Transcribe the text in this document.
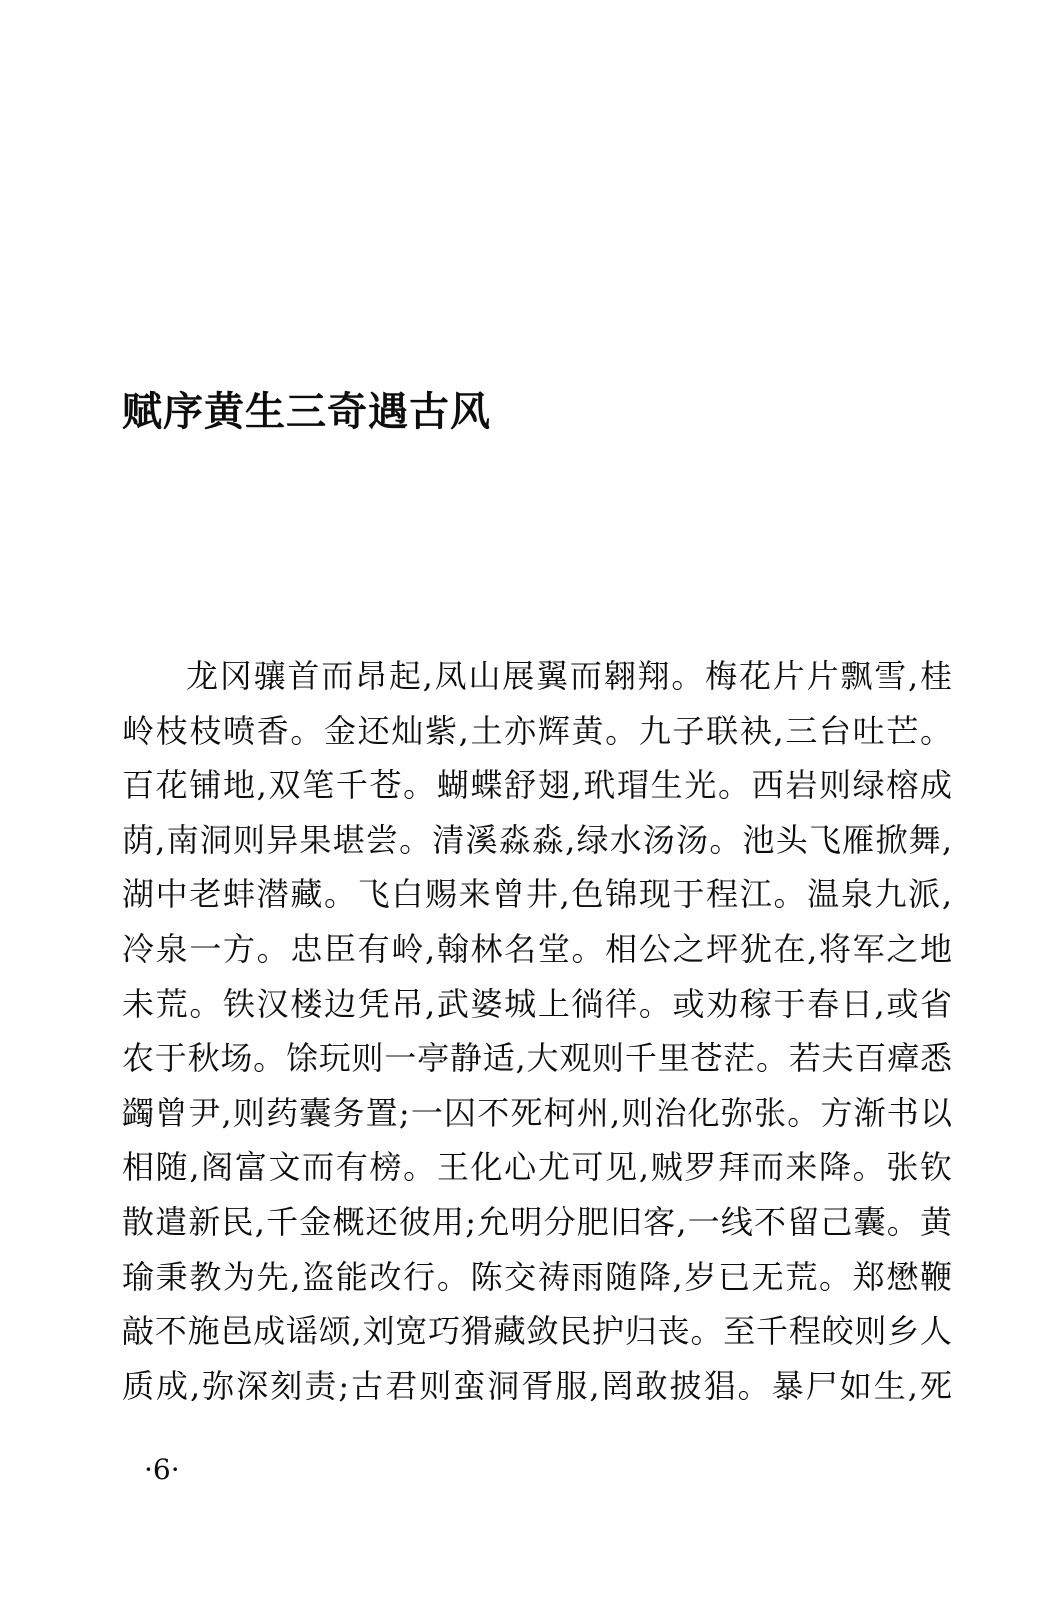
赋序黄生三奇遇古风
龙冈骧首而昂起,凤山展翼而翱翔。梅花片片飘雪,桂
岭枝枝喷香。金还灿紫,土亦辉黄。九子联袂,三台吐芒。
百花铺地,双笔千苍。蝴蝶舒翅,玳瑁生光。西岩则绿榕成
荫,南洞则异果堪尝。清溪淼淼,绿水汤汤。池头飞雁掀舞,
湖中老蚌潜藏。飞白赐来曾井,色锦现于程江。温泉九派,
冷泉一方。忠臣有岭,翰林名堂。相公之坪犹在,将军之地
未荒。铁汉楼边凭吊,武婆城上徜徉。或劝稼于春日,或省
农于秋场。馀玩则一亭静适,大观则千里苍茫。若夫百瘴悉
蠲曾尹,则药囊务置;一囚不死柯州,则治化弥张。方渐书以
相随,阁富文而有榜。王化心尤可见,贼罗拜而来降。张钦
散遣新民,千金概还彼用;允明分肥旧客,一线不留己囊。黄
瑜秉教为先,盗能改行。陈交祷雨随降,岁已无荒。郑懋鞭
敲不施邑成谣颂,刘宽巧猾藏敛民护归丧。至千程皎则乡人
质成,弥深刻责;古君则蛮洞胥服,罔敢披猖。暴尸如生,死
·6·
